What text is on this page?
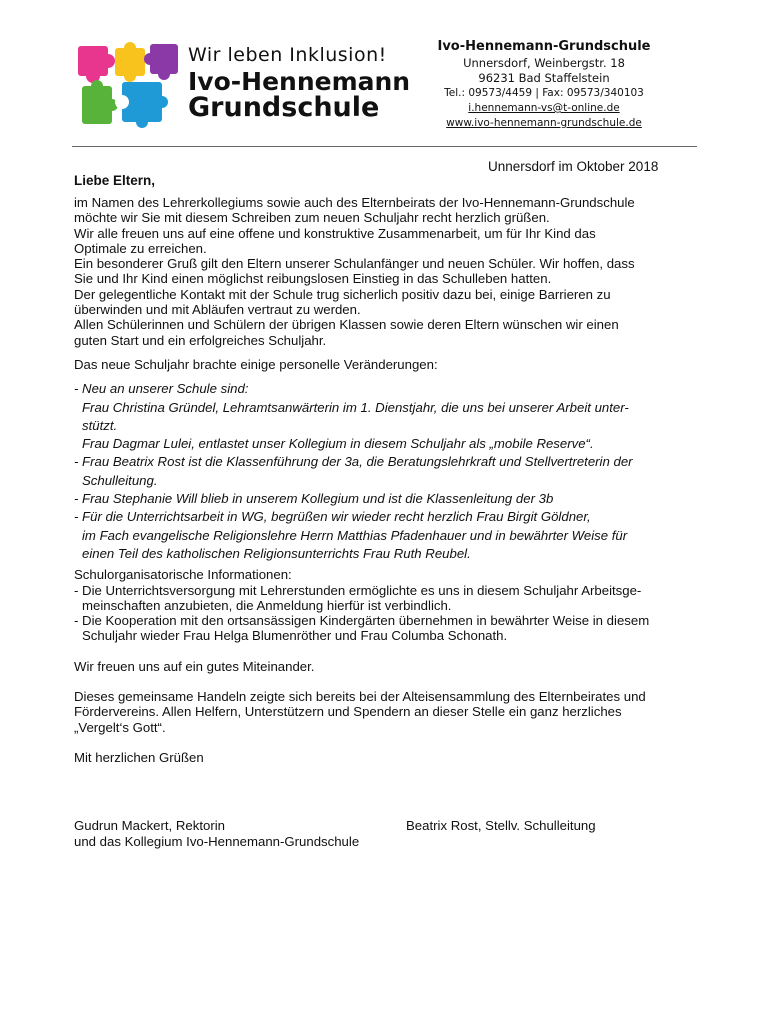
Wir leben Inklusion!
Ivo-Hennemann
Grundschule
Ivo-Hennemann-Grundschule
Unnersdorf, Weinbergstr. 18
96231 Bad Staffelstein
Tel.: 09573/4459 | Fax: 09573/340103
i.hennemann-vs@t-online.de
www.ivo-hennemann-grundschule.de
Unnersdorf im Oktober 2018
Liebe Eltern,

im Namen des Lehrerkollegiums sowie auch des Elternbeirats der Ivo-Hennemann-Grundschule

möchte wir Sie mit diesem Schreiben zum neuen Schuljahr recht herzlich grüßen.

Wir alle freuen uns auf eine offene und konstruktive Zusammenarbeit, um für Ihr Kind das

Optimale zu erreichen.

Ein besonderer Gruß gilt den Eltern unserer Schulanfänger und neuen Schüler. Wir hoffen, dass

Sie und Ihr Kind einen möglichst reibungslosen Einstieg in das Schulleben hatten.

Der gelegentliche Kontakt mit der Schule trug sicherlich positiv dazu bei, einige Barrieren zu

überwinden und mit Abläufen vertraut zu werden.

Allen Schülerinnen und Schülern der übrigen Klassen sowie deren Eltern wünschen wir einen

guten Start und ein erfolgreiches Schuljahr.

Das neue Schuljahr brachte einige personelle Veränderungen:

- Neu an unserer Schule sind:

Frau Christina Gründel, Lehramtsanwärterin im 1. Dienstjahr, die uns bei unserer Arbeit unter-

stützt.

Frau Dagmar Lulei, entlastet unser Kollegium in diesem Schuljahr als „mobile Reserve“.

- Frau Beatrix Rost ist die Klassenführung der 3a, die Beratungslehrkraft und Stellvertreterin der

Schulleitung.

- Frau Stephanie Will blieb in unserem Kollegium und ist die Klassenleitung der 3b

- Für die Unterrichtsarbeit in WG, begrüßen wir wieder recht herzlich Frau Birgit Göldner,

im Fach evangelische Religionslehre Herrn Matthias Pfadenhauer und in bewährter Weise für

einen Teil des katholischen Religionsunterrichts Frau Ruth Reubel.

Schulorganisatorische Informationen:

- Die Unterrichtsversorgung mit Lehrerstunden ermöglichte es uns in diesem Schuljahr Arbeitsge-

meinschaften anzubieten, die Anmeldung hierfür ist verbindlich.

- Die Kooperation mit den ortsansässigen Kindergärten übernehmen in bewährter Weise in diesem

Schuljahr wieder Frau Helga Blumenröther und Frau Columba Schonath.

Wir freuen uns auf ein gutes Miteinander.

Dieses gemeinsame Handeln zeigte sich bereits bei der Alteisensammlung des Elternbeirates und

Fördervereins. Allen Helfern, Unterstützern und Spendern an dieser Stelle ein ganz herzliches

„Vergelt‘s Gott“.

Mit herzlichen Grüßen

Gudrun Mackert, Rektorin
und das Kollegium Ivo-Hennemann-Grundschule
Beatrix Rost, Stellv. Schulleitung
